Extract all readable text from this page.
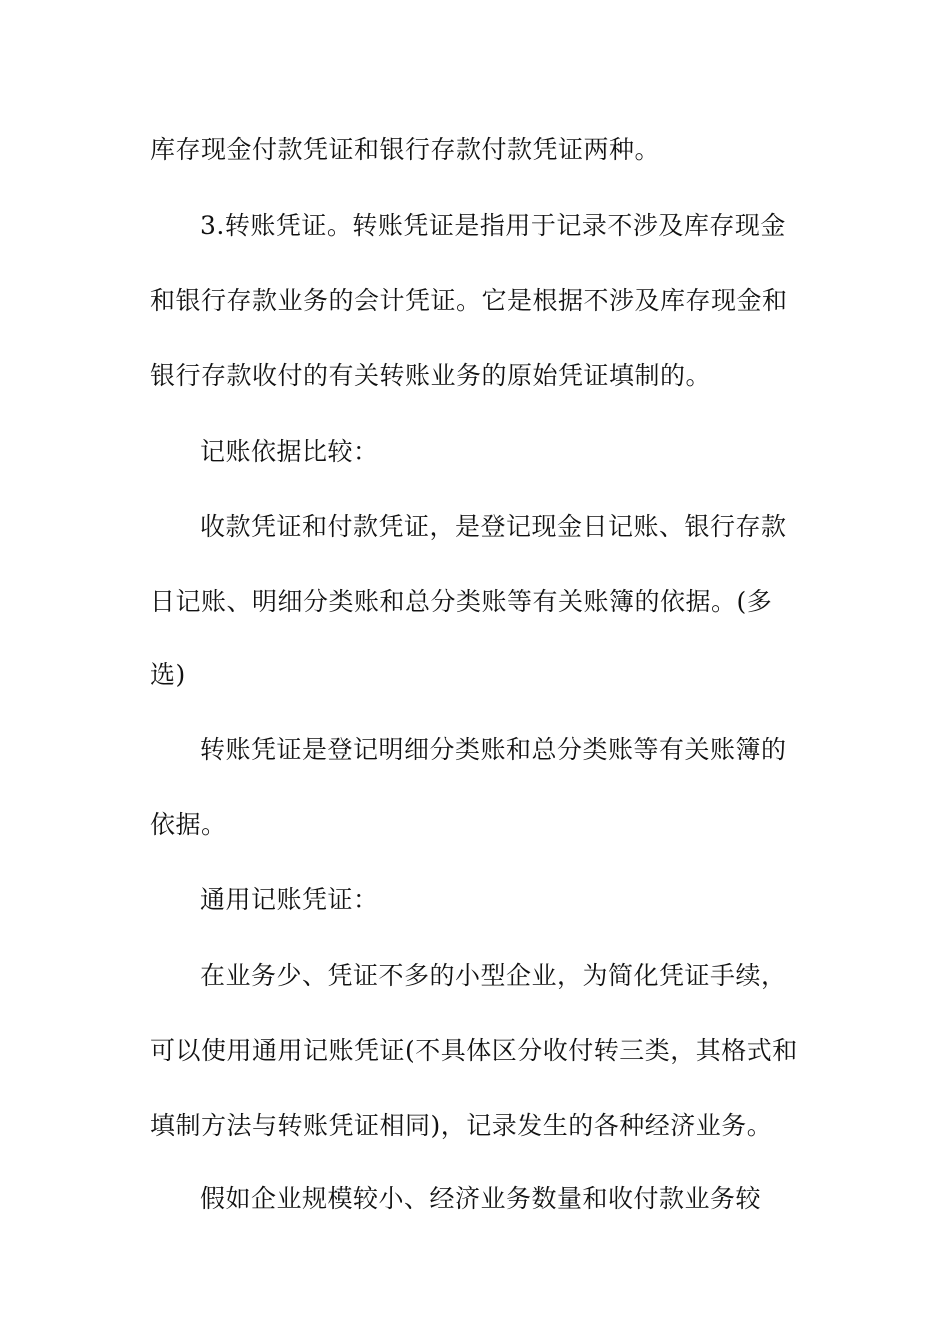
库存现金付款凭证和银行存款付款凭证两种。
3.转账凭证。转账凭证是指用于记录不涉及库存现金
和银行存款业务的会计凭证。它是根据不涉及库存现金和
银行存款收付的有关转账业务的原始凭证填制的。
记账依据比较：
收款凭证和付款凭证，是登记现金日记账、银行存款
日记账、明细分类账和总分类账等有关账簿的依据。(多
选)
转账凭证是登记明细分类账和总分类账等有关账簿的
依据。
通用记账凭证：
在业务少、凭证不多的小型企业，为简化凭证手续，
可以使用通用记账凭证(不具体区分收付转三类，其格式和
填制方法与转账凭证相同)，记录发生的各种经济业务。
假如企业规模较小、经济业务数量和收付款业务较
